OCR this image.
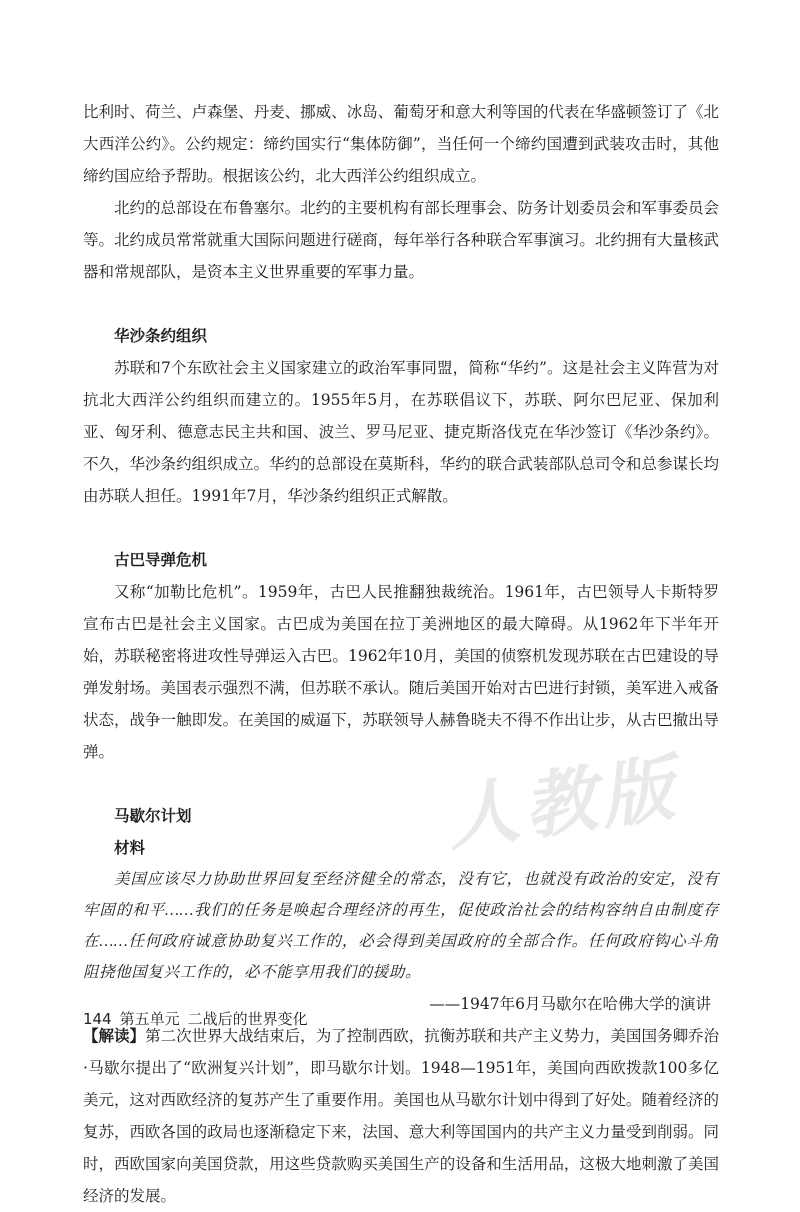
人教版

比利时、荷兰、卢森堡、丹麦、挪威、冰岛、葡萄牙和意大利等国的代表在华盛顿签订了《北大西洋公约》。公约规定：缔约国实行“集体防御”，当任何一个缔约国遭到武装攻击时，其他缔约国应给予帮助。根据该公约，北大西洋公约组织成立。

北约的总部设在布鲁塞尔。北约的主要机构有部长理事会、防务计划委员会和军事委员会等。北约成员常常就重大国际问题进行磋商，每年举行各种联合军事演习。北约拥有大量核武器和常规部队，是资本主义世界重要的军事力量。

华沙条约组织

苏联和7个东欧社会主义国家建立的政治军事同盟，简称“华约”。这是社会主义阵营为对抗北大西洋公约组织而建立的。1955年5月，在苏联倡议下，苏联、阿尔巴尼亚、保加利亚、匈牙利、德意志民主共和国、波兰、罗马尼亚、捷克斯洛伐克在华沙签订《华沙条约》。不久，华沙条约组织成立。华约的总部设在莫斯科，华约的联合武装部队总司令和总参谋长均由苏联人担任。1991年7月，华沙条约组织正式解散。

古巴导弹危机

又称“加勒比危机”。1959年，古巴人民推翻独裁统治。1961年，古巴领导人卡斯特罗宣布古巴是社会主义国家。古巴成为美国在拉丁美洲地区的最大障碍。从1962年下半年开始，苏联秘密将进攻性导弹运入古巴。1962年10月，美国的侦察机发现苏联在古巴建设的导弹发射场。美国表示强烈不满，但苏联不承认。随后美国开始对古巴进行封锁，美军进入戒备状态，战争一触即发。在美国的威逼下，苏联领导人赫鲁晓夫不得不作出让步，从古巴撤出导弹。

马歇尔计划
材料

美国应该尽力协助世界回复至经济健全的常态，没有它，也就没有政治的安定，没有牢固的和平……我们的任务是唤起合理经济的再生，促使政治社会的结构容纳自由制度存在……任何政府诚意协助复兴工作的，必会得到美国政府的全部合作。任何政府钩心斗角阻挠他国复兴工作的，必不能享用我们的援助。

——1947年6月马歇尔在哈佛大学的演讲

【解读】第二次世界大战结束后，为了控制西欧，抗衡苏联和共产主义势力，美国国务卿乔治·马歇尔提出了“欧洲复兴计划”，即马歇尔计划。1948—1951年，美国向西欧拨款100多亿美元，这对西欧经济的复苏产生了重要作用。美国也从马歇尔计划中得到了好处。随着经济的复苏，西欧各国的政局也逐渐稳定下来，法国、意大利等国国内的共产主义力量受到削弱。同时，西欧国家向美国贷款，用这些贷款购买美国生产的设备和生活用品，这极大地刺激了美国经济的发展。

144 第五单元 二战后的世界变化
